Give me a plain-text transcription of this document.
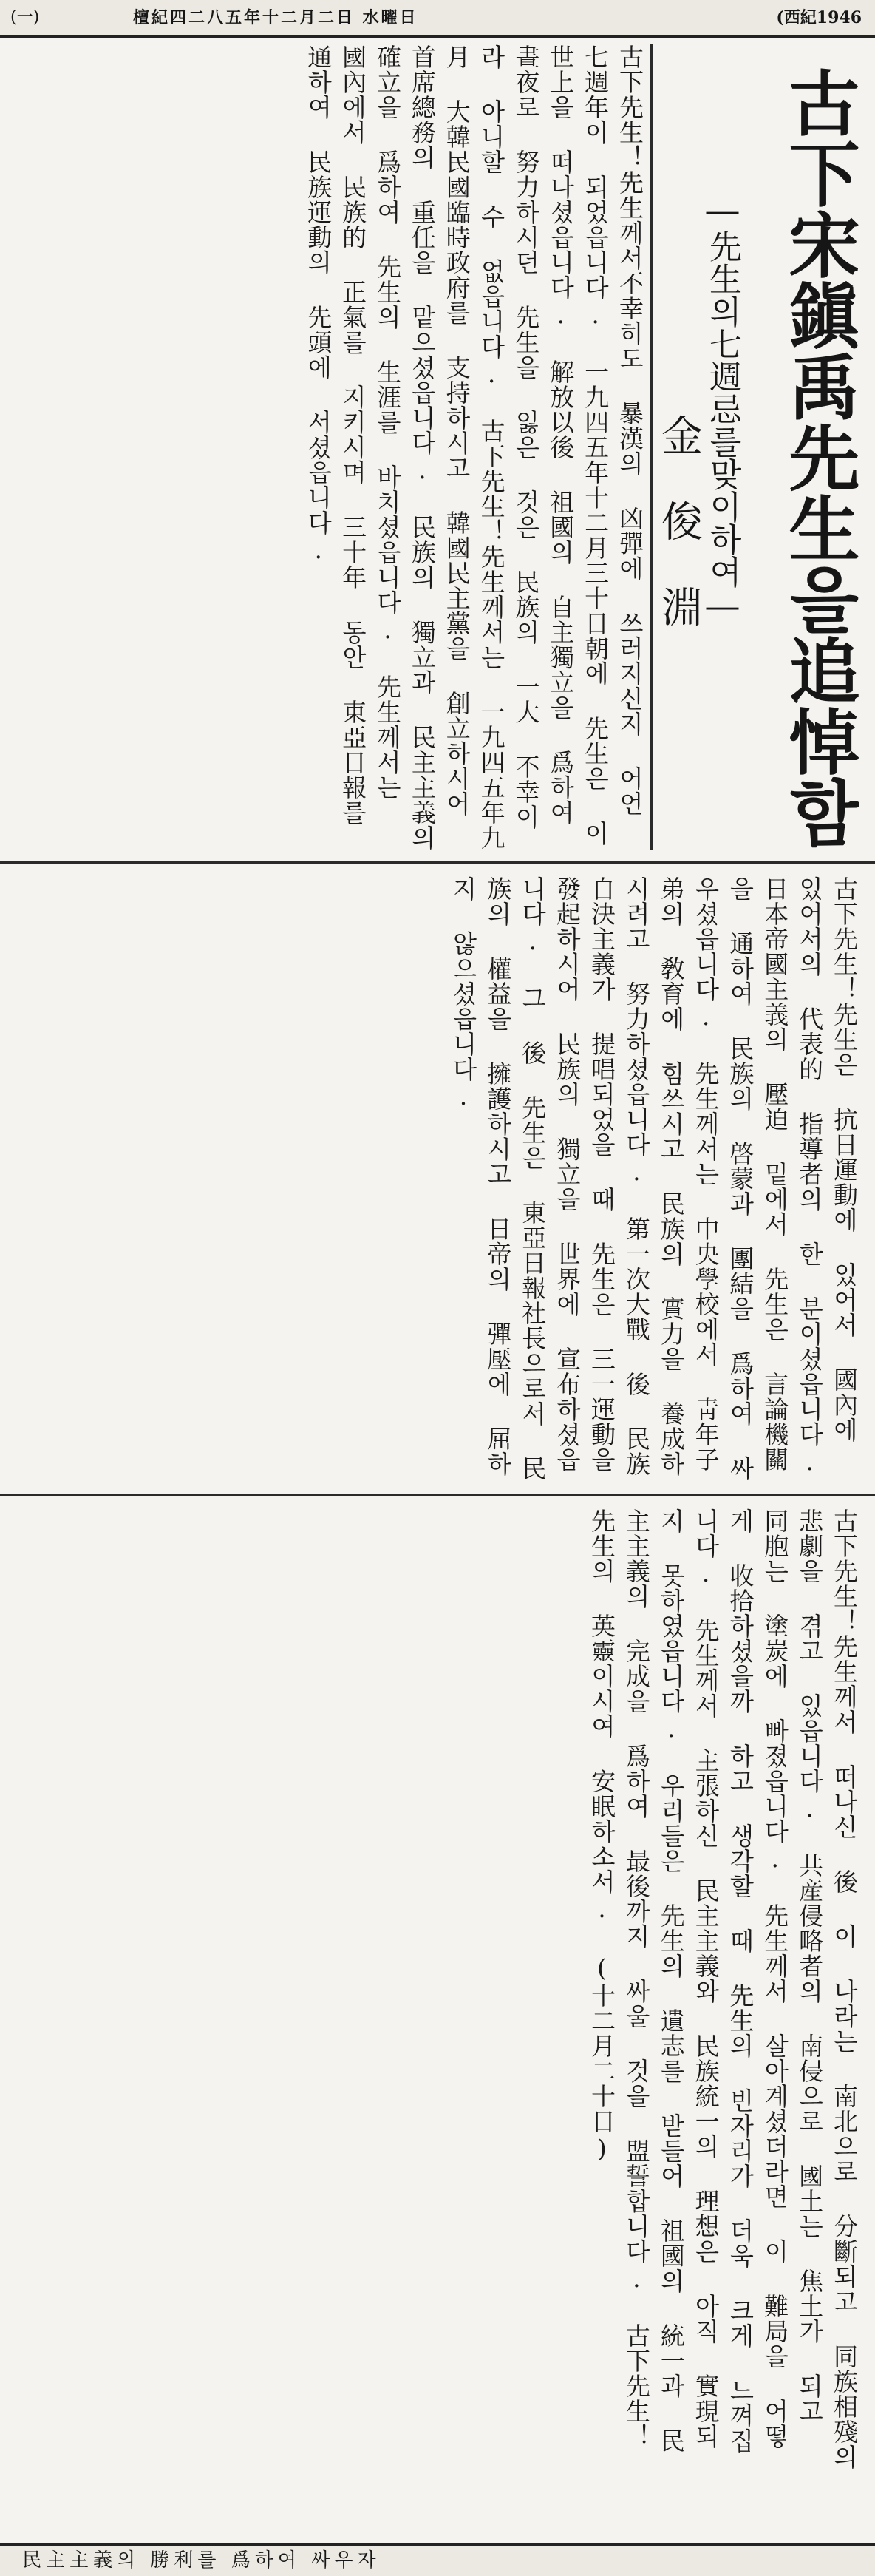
(一)	檀紀四二八五年十二月二日 水曜日	(西紀1946
古下宋鎭禹先生을追悼함
―先生의七週忌를맞이하여―
金俊淵
古下先生！先生께서不幸히도 暴漢의 凶彈에 쓰러지신지 어언 七週年이 되었읍니다. 一九四五年十二月三十日朝에 先生은 이 世上을 떠나셨읍니다. 解放以後 祖國의 自主獨立을 爲하여 晝夜로 努力하시던 先生을 잃은 것은 民族의 一大 不幸이라 아니할 수 없읍니다. 古下先生！先生께서는 一九四五年九月 大韓民國臨時政府를 支持하시고 韓國民主黨을 創立하시어 首席總務의 重任을 맡으셨읍니다. 民族의 獨立과 民主主義의 確立을 爲하여 先生의 生涯를 바치셨읍니다. 先生께서는 國內에서 民族的 正氣를 지키시며 三十年 동안 東亞日報를 通하여 民族運動의 先頭에 서셨읍니다.
古下先生！先生은 抗日運動에 있어서 國內에 있어서의 代表的 指導者의 한 분이셨읍니다. 日本帝國主義의 壓迫 밑에서 先生은 言論機關을 通하여 民族의 啓蒙과 團結을 爲하여 싸우셨읍니다. 先生께서는 中央學校에서 靑年子弟의 敎育에 힘쓰시고 民族의 實力을 養成하시려고 努力하셨읍니다. 第一次大戰 後 民族自決主義가 提唱되었을 때 先生은 三一運動을 發起하시어 民族의 獨立을 世界에 宣布하셨읍니다. 그 後 先生은 東亞日報社長으로서 民族의 權益을 擁護하시고 日帝의 彈壓에 屈하지 않으셨읍니다.
古下先生！先生께서 떠나신 後 이 나라는 南北으로 分斷되고 同族相殘의 悲劇을 겪고 있읍니다. 共産侵略者의 南侵으로 國土는 焦土가 되고 同胞는 塗炭에 빠졌읍니다. 先生께서 살아계셨더라면 이 難局을 어떻게 收拾하셨을까 하고 생각할 때 先生의 빈자리가 더욱 크게 느껴집니다. 先生께서 主張하신 民主主義와 民族統一의 理想은 아직 實現되지 못하였읍니다. 우리들은 先生의 遺志를 받들어 祖國의 統一과 民主主義의 完成을 爲하여 最後까지 싸울 것을 盟誓합니다. 古下先生！ 先生의 英靈이시여 安眠하소서. (十二月二十日)
民主主義의 勝利를 爲하여 싸우자
